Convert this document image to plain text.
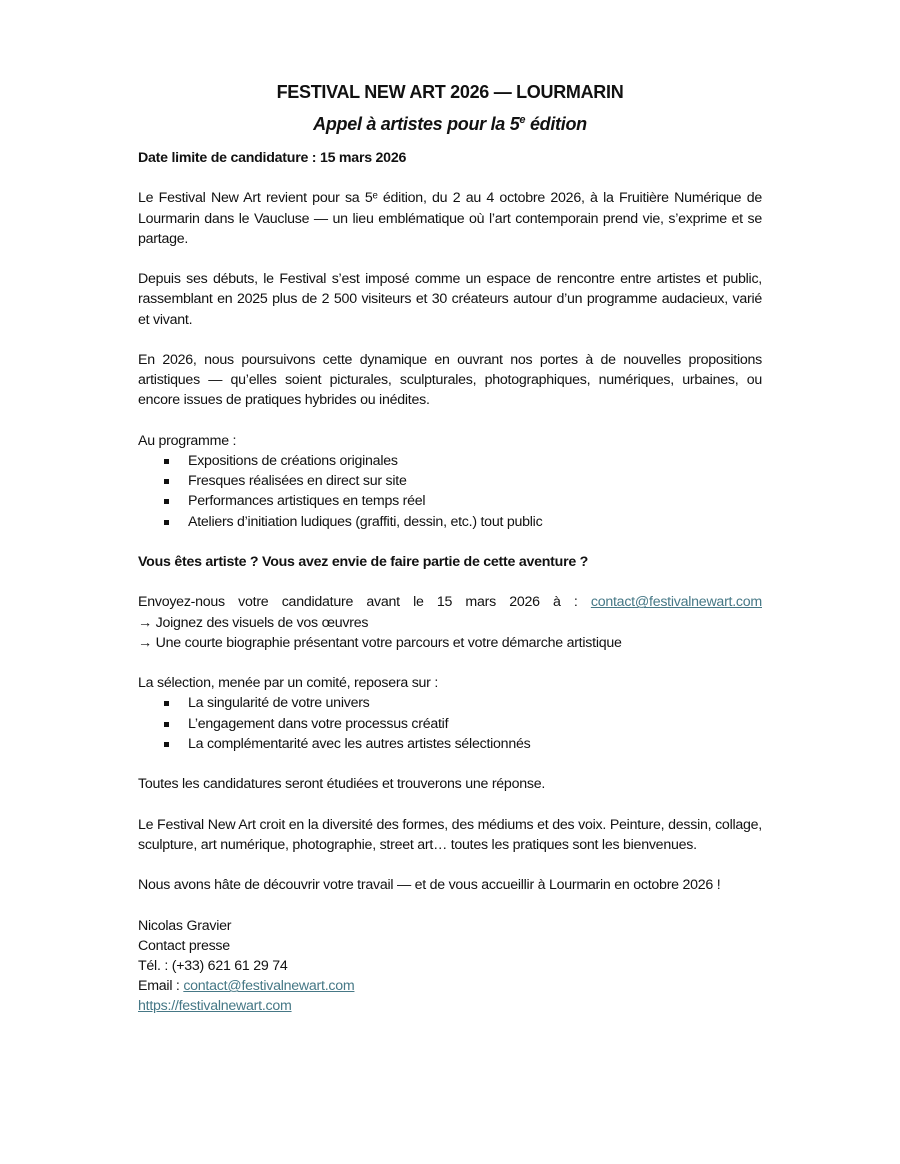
FESTIVAL NEW ART 2026 — LOURMARIN
Appel à artistes pour la 5e édition

Date limite de candidature : 15 mars 2026

Le Festival New Art revient pour sa 5ᵉ édition, du 2 au 4 octobre 2026, à la Fruitière Numérique de Lourmarin dans le Vaucluse — un lieu emblématique où l’art contemporain prend vie, s’exprime et se partage.

Depuis ses débuts, le Festival s’est imposé comme un espace de rencontre entre artistes et public, rassemblant en 2025 plus de 2 500 visiteurs et 30 créateurs autour d’un programme audacieux, varié et vivant.

En 2026, nous poursuivons cette dynamique en ouvrant nos portes à de nouvelles propositions artistiques — qu’elles soient picturales, sculpturales, photographiques, numériques, urbaines, ou encore issues de pratiques hybrides ou inédites.

Au programme :

Expositions de créations originales
Fresques réalisées en direct sur site
Performances artistiques en temps réel
Ateliers d’initiation ludiques (graffiti, dessin, etc.) tout public

Vous êtes artiste ? Vous avez envie de faire partie de cette aventure ?

Envoyez-nous votre candidature avant le 15 mars 2026 à : contact@festivalnewart.com
→ Joignez des visuels de vos œuvres
→ Une courte biographie présentant votre parcours et votre démarche artistique

La sélection, menée par un comité, reposera sur :

La singularité de votre univers
L’engagement dans votre processus créatif
La complémentarité avec les autres artistes sélectionnés

Toutes les candidatures seront étudiées et trouverons une réponse.

Le Festival New Art croit en la diversité des formes, des médiums et des voix. Peinture, dessin, collage, sculpture, art numérique, photographie, street art… toutes les pratiques sont les bienvenues.

Nous avons hâte de découvrir votre travail — et de vous accueillir à Lourmarin en octobre 2026 !

Nicolas Gravier
Contact presse
Tél. : (+33) 621 61 29 74
Email : contact@festivalnewart.com
https://festivalnewart.com
